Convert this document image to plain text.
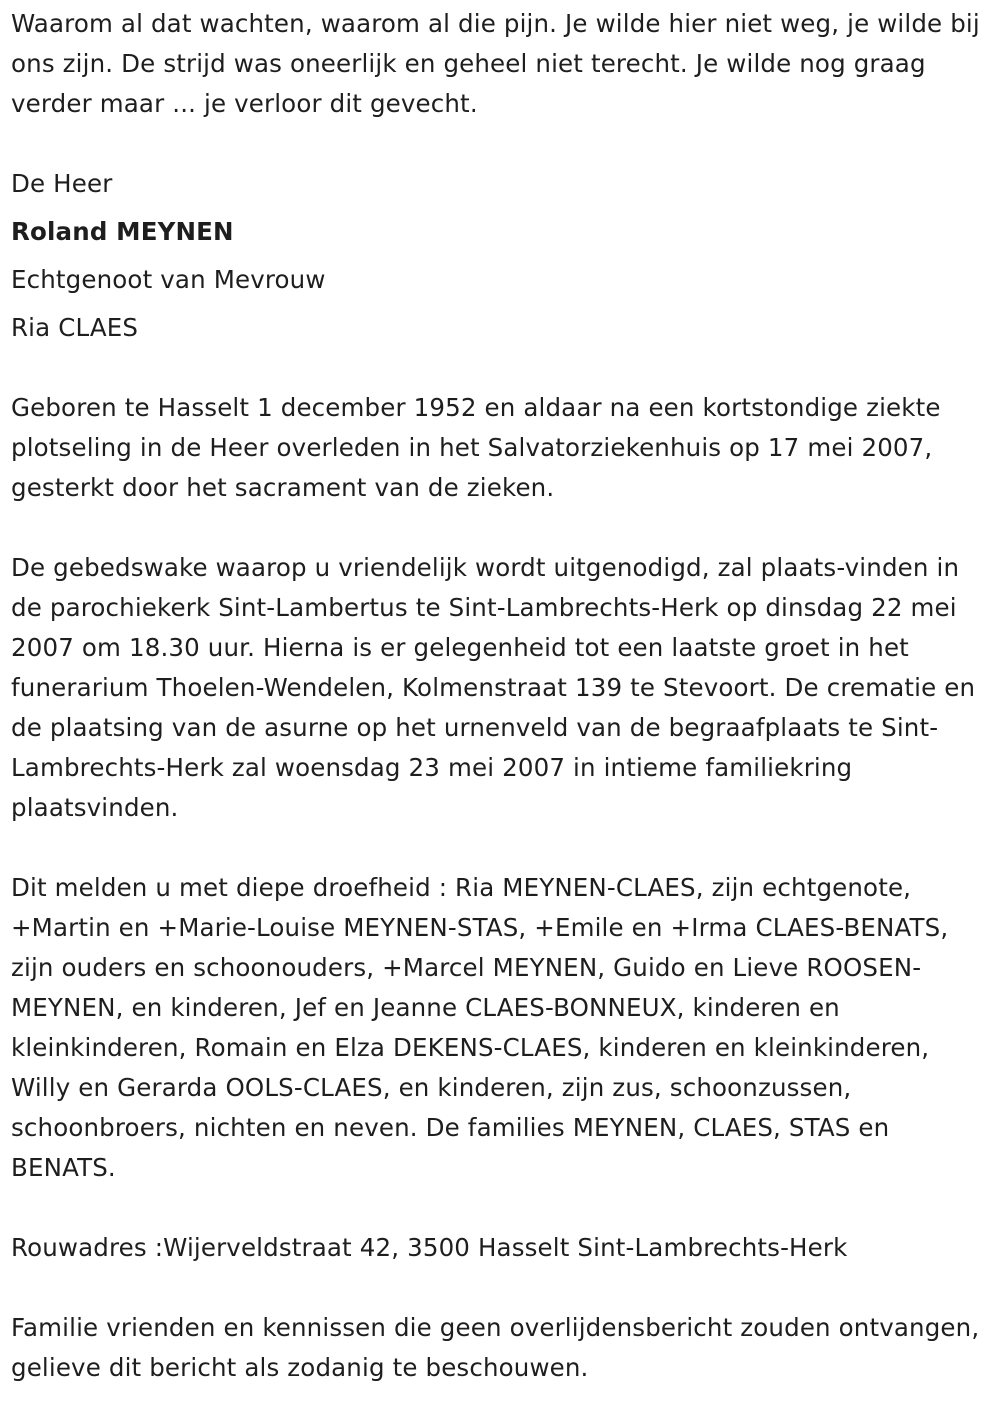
Waarom al dat wachten, waarom al die pijn. Je wilde hier niet weg, je wilde bij ons zijn. De strijd was oneerlijk en geheel niet terecht. Je wilde nog graag verder maar ... je verloor dit gevecht.

De Heer

Roland MEYNEN

Echtgenoot van Mevrouw

Ria CLAES

Geboren te Hasselt 1 december 1952 en aldaar na een kortstondige ziekte plotseling in de Heer overleden in het Salvatorziekenhuis op 17 mei 2007, gesterkt door het sacrament van de zieken.

De gebedswake waarop u vriendelijk wordt uitgenodigd, zal plaats-vinden in de parochiekerk Sint-Lambertus te Sint-Lambrechts-Herk op dinsdag 22 mei 2007 om 18.30 uur. Hierna is er gelegenheid tot een laatste groet in het funerarium Thoelen-Wendelen, Kolmenstraat 139 te Stevoort. De crematie en de plaatsing van de asurne op het urnenveld van de begraafplaats te Sint-Lambrechts-Herk zal woensdag 23 mei 2007 in intieme familiekring plaatsvinden.

Dit melden u met diepe droefheid : Ria MEYNEN-CLAES, zijn echtgenote, +Martin en +Marie-Louise MEYNEN-STAS, +Emile en +Irma CLAES-BENATS, zijn ouders en schoonouders, +Marcel MEYNEN, Guido en Lieve ROOSEN-MEYNEN, en kinderen, Jef en Jeanne CLAES-BONNEUX, kinderen en kleinkinderen, Romain en Elza DEKENS-CLAES, kinderen en kleinkinderen, Willy en Gerarda OOLS-CLAES, en kinderen, zijn zus, schoonzussen, schoonbroers, nichten en neven. De families MEYNEN, CLAES, STAS en BENATS.

Rouwadres :Wijerveldstraat 42, 3500 Hasselt Sint-Lambrechts-Herk

Familie vrienden en kennissen die geen overlijdensbericht zouden ontvangen, gelieve dit bericht als zodanig te beschouwen.
